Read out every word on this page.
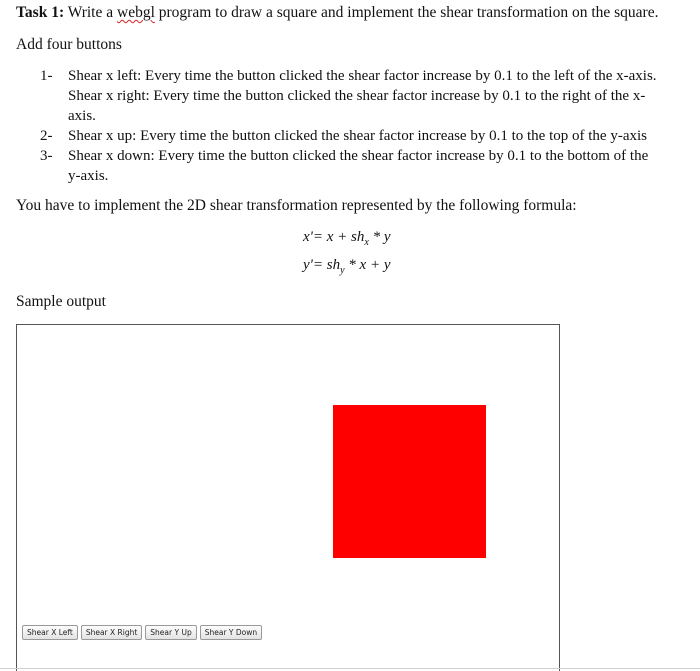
Task 1: Write a webgl program to draw a square and implement the shear transformation on the square.
Add four buttons
1- Shear x left: Every time the button clicked the shear factor increase by 0.1 to the left of the x-axis.
Shear x right: Every time the button clicked the shear factor increase by 0.1 to the right of the x-
axis.
2- Shear x up: Every time the button clicked the shear factor increase by 0.1 to the top of the y-axis
3- Shear x down: Every time the button clicked the shear factor increase by 0.1 to the bottom of the
y-axis.
You have to implement the 2D shear transformation represented by the following formula:
$x'= x + sh_x * y$
$y'= sh_y * x + y$
Sample output
Shear X Left	Shear X Right	Shear Y Up	Shear Y Down
